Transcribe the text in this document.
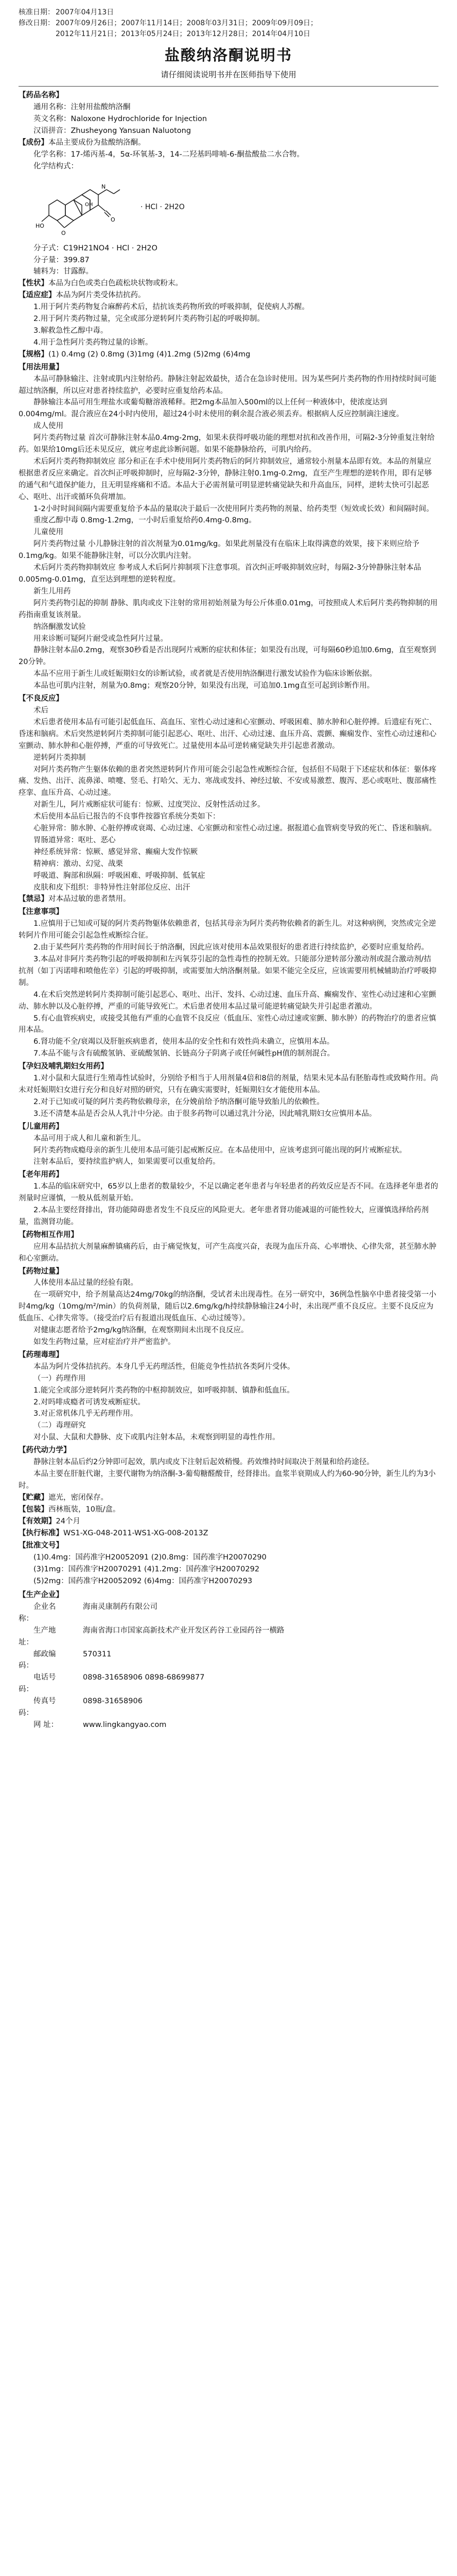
核准日期： 2007年04月13日
修改日期： 2007年09月26日；2007年11月14日；2008年03月31日；2009年09月09日；
2012年11月21日；2013年05月24日；2013年12月28日；2014年04月10日
盐酸纳洛酮说明书
请仔细阅读说明书并在医师指导下使用
【药品名称】
通用名称：注射用盐酸纳洛酮
英文名称：Naloxone Hydrochloride for Injection
汉语拼音：Zhusheyong Yansuan Naluotong
【成份】本品主要成份为盐酸纳洛酮。
化学名称：17-烯丙基-4，5α-环氧基-3，14-二羟基吗啡喃-6-酮盐酸盐二水合物。
化学结构式：
HO
O
O
N
OH	· HCl · 2H2O
分子式：C19H21NO4 · HCl · 2H2O
分子量：399.87
辅料为：甘露醇。
【性状】本品为白色或类白色疏松块状物或粉末。
【适应症】本品为阿片类受体拮抗药。
1.用于阿片类药物复合麻醉药术后，拮抗该类药物所致的呼吸抑制，促使病人苏醒。
2.用于阿片类药物过量，完全或部分逆转阿片类药物引起的呼吸抑制。
3.解救急性乙醇中毒。
4.用于急性阿片类药物过量的诊断。
【规格】(1) 0.4mg (2) 0.8mg (3)1mg (4)1.2mg (5)2mg (6)4mg
【用法用量】
本品可静脉输注、注射或肌内注射给药。静脉注射起效最快，适合在急诊时使用。因为某些阿片类药物的作用持续时间可能超过纳洛酮，所以应对患者持续监护，必要时应重复给药本品。
静脉输注本品可用生理盐水或葡萄糖溶液稀释。把2mg本品加入500ml的以上任何一种液体中，使浓度达到0.004mg/ml。混合液应在24小时内使用，超过24小时未使用的剩余混合液必须丢弃。根据病人反应控制滴注速度。
成人使用
阿片类药物过量 首次可静脉注射本品0.4mg-2mg，如果未获得呼吸功能的理想对抗和改善作用，可隔2-3分钟重复注射给药。如果给10mg后还未见反应，就应考虑此诊断问题。如果不能静脉给药，可肌内给药。
术后阿片类药物抑制效应 部分和正在手术中使用阿片类药物后的阿片抑制效应，通常较小剂量本品即有效。本品的剂量应根据患者反应来确定。首次纠正呼吸抑制时，应每隔2-3分钟，静脉注射0.1mg-0.2mg，直至产生理想的逆转作用，即有足够的通气和气道保护能力，且无明显疼痛和不适。本品大于必需剂量可明显逆转痛觉缺失和升高血压，同样，逆转太快可引起恶心、呕吐、出汗或循环负荷增加。
1-2小时时间间隔内需要重复给予本品的量取决于最后一次使用阿片类药物的剂量、给药类型（短效或长效）和间隔时间。
重度乙醇中毒 0.8mg-1.2mg，一小时后重复给药0.4mg-0.8mg。
儿童使用
阿片类药物过量 小儿静脉注射的首次剂量为0.01mg/kg。如果此剂量没有在临床上取得满意的效果，接下来则应给予0.1mg/kg。如果不能静脉注射，可以分次肌内注射。
术后阿片类药物抑制效应 参考成人术后阿片抑制项下注意事项。首次纠正呼吸抑制效应时，每隔2-3分钟静脉注射本品0.005mg-0.01mg，直至达到理想的逆转程度。
新生儿用药
阿片类药物引起的抑制 静脉、肌肉或皮下注射的常用初始剂量为每公斤体重0.01mg，可按照成人术后阿片类药物抑制的用药指南重复该剂量。
纳洛酮激发试验
用来诊断可疑阿片耐受或急性阿片过量。
静脉注射本品0.2mg，观察30秒看是否出现阿片戒断的症状和体征；如果没有出现，可每隔60秒追加0.6mg，直至观察到20分钟。
本品不应用于新生儿或妊娠期妇女的诊断试验，或者就是否使用纳洛酮进行激发试验作为临床诊断依据。
本品也可肌内注射，剂量为0.8mg；观察20分钟，如果没有出现，可追加0.1mg直至可起到诊断作用。
【不良反应】
术后
术后患者使用本品有可能引起低血压、高血压、室性心动过速和心室颤动、呼吸困难、肺水肿和心脏停搏。后遗症有死亡、昏迷和脑病。术后突然逆转阿片类抑制可能引起恶心、呕吐、出汗、心动过速、血压升高、震颤、癫痫发作、室性心动过速和心室颤动、肺水肿和心脏停搏，严重的可导致死亡。过量使用本品可逆转痛觉缺失并引起患者激动。
逆转阿片类抑制
对阿片类药物产生躯体依赖的患者突然逆转阿片作用可能会引起急性戒断综合征，包括但不局限于下述症状和体征：躯体疼痛、发热、出汗、流鼻涕、喷嚏、竖毛、打哈欠、无力、寒战或发抖、神经过敏、不安或易激惹、腹泻、恶心或呕吐、腹部痛性痉挛、血压升高、心动过速。
对新生儿，阿片戒断症状可能有：惊厥、过度哭泣、反射性活动过多。
术后使用本品后已报告的不良事件按器官系统分类如下：
心脏异常：肺水肿、心脏停搏或衰竭、心动过速、心室颤动和室性心动过速。据报道心血管病变导致的死亡、昏迷和脑病。
胃肠道异常：呕吐、恶心
神经系统异常：惊厥、感觉异常、癫痫大发作惊厥
精神病：激动、幻觉、战栗
呼吸道、胸部和纵隔：呼吸困难、呼吸抑制、低氧症
皮肤和皮下组织：非特异性注射部位反应、出汗
【禁忌】对本品过敏的患者禁用。
【注意事项】
1.应慎用于已知或可疑的阿片类药物躯体依赖患者，包括其母亲为阿片类药物依赖者的新生儿。对这种病例，突然或完全逆转阿片作用可能会引起急性戒断综合征。
2.由于某些阿片类药物的作用时间长于纳洛酮，因此应该对使用本品效果很好的患者进行持续监护，必要时应重复给药。
3.本品对非阿片类药物引起的呼吸抑制和左丙氧芬引起的急性毒性的控制无效。只能部分逆转部分激动剂或混合激动剂/拮抗剂（如丁丙诺啡和喷他佐辛）引起的呼吸抑制，或需要加大纳洛酮剂量。如果不能完全反应，应该需要用机械辅助治疗呼吸抑制。
4.在术后突然逆转阿片类抑制可能引起恶心、呕吐、出汗、发抖、心动过速、血压升高、癫痫发作、室性心动过速和心室颤动、肺水肿以及心脏停搏，严重的可能导致死亡。术后患者使用本品过量可能逆转痛觉缺失并引起患者激动。
5.有心血管疾病史，或接受其他有严重的心血管不良反应（低血压、室性心动过速或室颤、肺水肿）的药物治疗的患者应慎用本品。
6.肾功能不全/衰竭以及肝脏疾病患者，使用本品的安全性和有效性尚未确立，应慎用本品。
7.本品不能与含有硫酸氢钠、亚硫酸氢钠、长链高分子阴离子或任何碱性pH值的制剂混合。
【孕妇及哺乳期妇女用药】
1.对小鼠和大鼠进行生殖毒性试验时，分别给予相当于人用剂量4倍和8倍的剂量，结果未见本品有胚胎毒性或致畸作用。尚未对妊娠期妇女进行充分和良好对照的研究，只有在确实需要时，妊娠期妇女才能使用本品。
2.对于已知或可疑的阿片类药物依赖母亲，在分娩前给予纳洛酮可能导致胎儿的依赖性。
3.还不清楚本品是否会从人乳汁中分泌。由于很多药物可以通过乳汁分泌，因此哺乳期妇女应慎用本品。
【儿童用药】
本品可用于成人和儿童和新生儿。
阿片类药物成瘾母亲的新生儿使用本品可能引起戒断反应。在本品使用中，应该考虑到可能出现的阿片戒断症状。
注射本品后，要持续监护病人，如果需要可以重复给药。
【老年用药】
1.本品的临床研究中，65岁以上患者的数量较少，不足以确定老年患者与年轻患者的药效反应是否不同。在选择老年患者的剂量时应谨慎，一般从低剂量开始。
2.本品主要经肾排出，肾功能障碍患者发生不良反应的风险更大。老年患者肾功能减退的可能性较大，应谨慎选择给药剂量，监测肾功能。
【药物相互作用】
应用本品拮抗大剂量麻醉镇痛药后，由于痛觉恢复，可产生高度兴奋，表现为血压升高、心率增快、心律失常，甚至肺水肿和心室颤动。
【药物过量】
人体使用本品过量的经验有限。
在一项研究中，给予剂量高达24mg/70kg的纳洛酮，受试者未出现毒性。在另一研究中，36例急性脑卒中患者接受第一小时4mg/kg（10mg/m²/min）的负荷剂量，随后以2.6mg/kg/h持续静脉输注24小时，未出现严重不良反应。主要不良反应为低血压、心律失常等。（接受治疗后有报道出现低血压、心动过缓等）。
对健康志愿者给予2mg/kg纳洛酮，在观察期间未出现不良反应。
如发生药物过量，应对症治疗并严密监护。
【药理毒理】
本品为阿片受体拮抗药。本身几乎无药理活性，但能竞争性拮抗各类阿片受体。
（一）药理作用
1.能完全或部分逆转阿片类药物的中枢抑制效应，如呼吸抑制、镇静和低血压。
2.对吗啡成瘾者可诱发戒断症状。
3.对正常机体几乎无药理作用。
（二）毒理研究
对小鼠、大鼠和犬静脉、皮下或肌内注射本品，未观察到明显的毒性作用。
【药代动力学】
静脉注射本品后约2分钟即可起效，肌内或皮下注射后起效稍慢。药效维持时间取决于剂量和给药途径。
本品主要在肝脏代谢，主要代谢物为纳洛酮-3-葡萄糖醛酸苷，经肾排出。血浆半衰期成人约为60-90分钟，新生儿约为3小时。
【贮藏】遮光，密闭保存。
【包装】西林瓶装，10瓶/盒。
【有效期】24个月
【执行标准】WS1-XG-048-2011-WS1-XG-008-2013Z
【批准文号】
(1)0.4mg：国药准字H20052091 (2)0.8mg：国药准字H20070290
(3)1mg：国药准字H20070291 (4)1.2mg：国药准字H20070292
(5)2mg：国药准字H20052092 (6)4mg：国药准字H20070293
【生产企业】
企业名称：
海南灵康制药有限公司
生产地址：
海南省海口市国家高新技术产业开发区药谷工业园药谷一横路
邮政编码：
570311
电话号码：
0898-31658906 0898-68699877
传真号码：
0898-31658906
网 址：	www.lingkangyao.com
